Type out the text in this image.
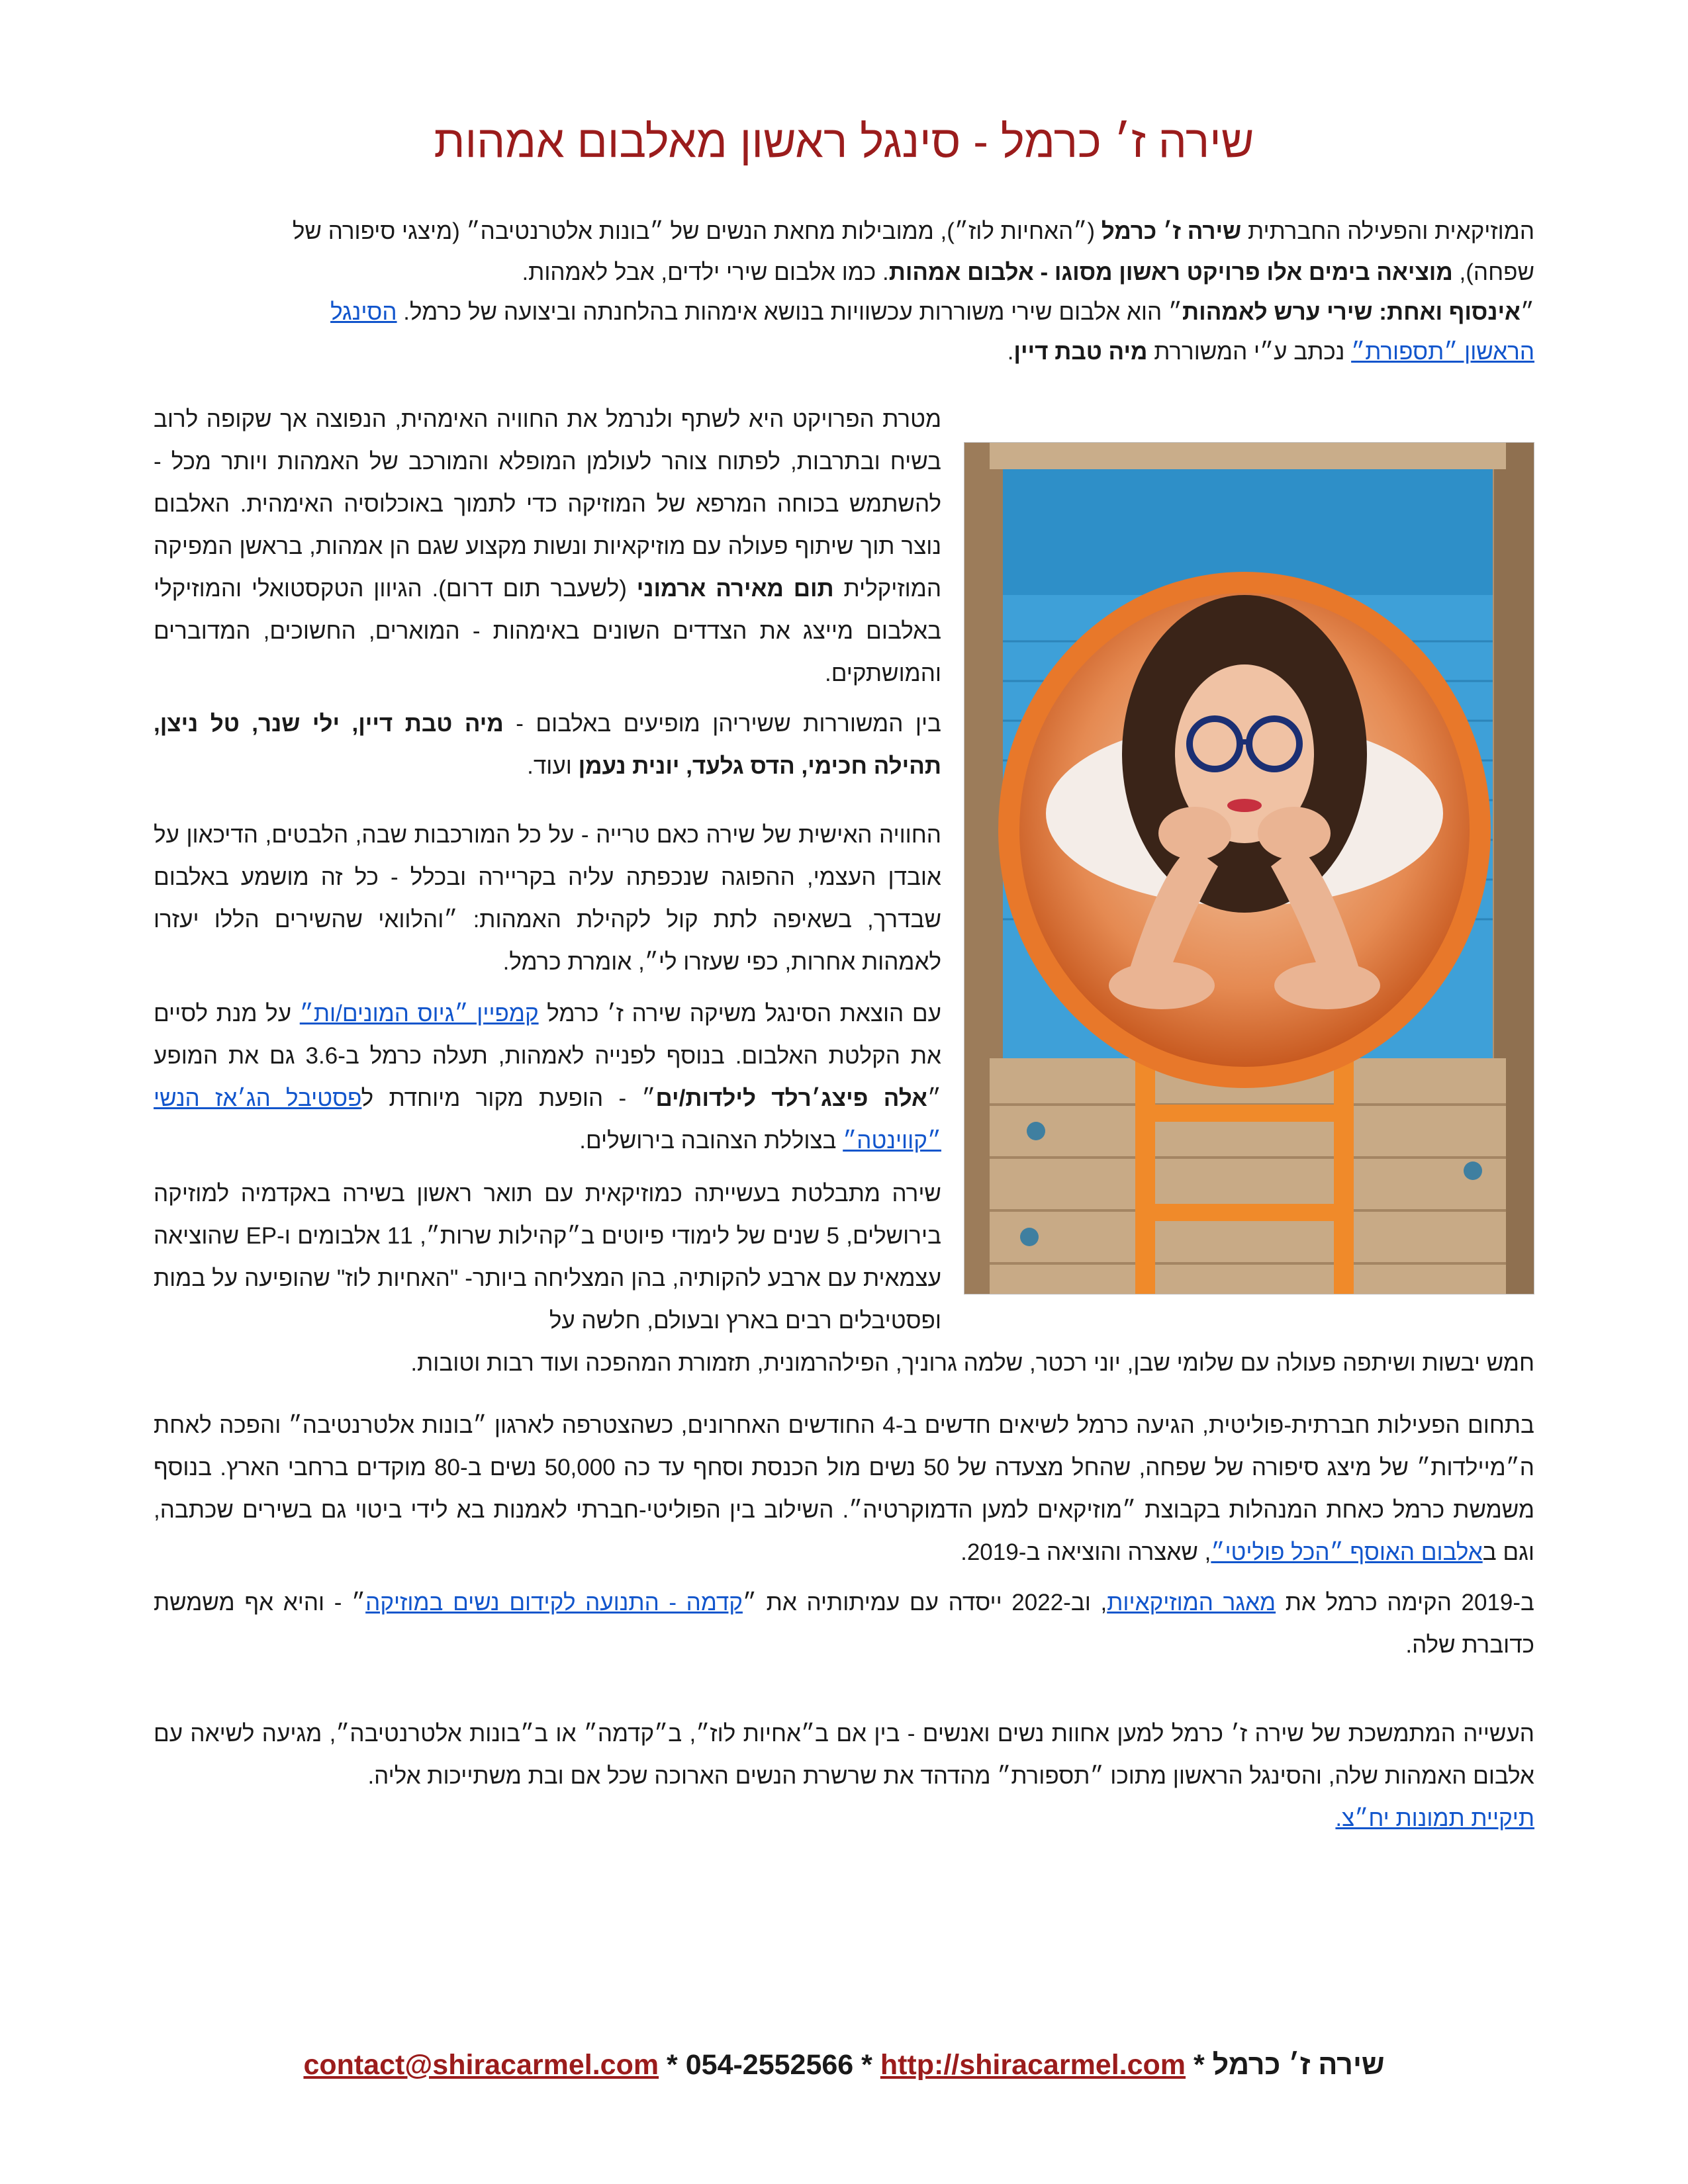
שירה ז׳ כרמל - סינגל ראשון מאלבום אמהות

המוזיקאית והפעילה החברתית שירה ז׳ כרמל (״האחיות לוז״), ממובילות מחאת הנשים של ״בונות אלטרנטיבה״ (מיצגי סיפורה של

שפחה), מוציאה בימים אלו פרויקט ראשון מסוגו - אלבום אמהות. כמו אלבום שירי ילדים, אבל לאמהות.

״אינסוף ואחת: שירי ערש לאמהות״ הוא אלבום שירי משוררות עכשוויות בנושא אימהות בהלחנתה וביצועה של כרמל. הסינגל

הראשון ״תספורת״ נכתב ע״י המשוררת מיה טבת דיין.

מטרת הפרויקט היא לשתף ולנרמל את החוויה האימהית, הנפוצה אך שקופה לרוב בשיח ובתרבות, לפתוח צוהר לעולמן המופלא והמורכב של האמהות ויותר מכל - להשתמש בכוחה המרפא של המוזיקה כדי לתמוך באוכלוסיה האימהית. האלבום נוצר תוך שיתוף פעולה עם מוזיקאיות ונשות מקצוע שגם הן אמהות, בראשן המפיקה המוזיקלית תום מאירה ארמוני (לשעבר תום דרום). הגיוון הטקסטואלי והמוזיקלי באלבום מייצג את הצדדים השונים באימהות - המוארים, החשוכים, המדוברים והמושתקים.

בין המשוררות ששיריהן מופיעים באלבום - מיה טבת דיין, ילי שנר, טל ניצן, תהילה חכימי, הדס גלעד, יונית נעמן ועוד.

החוויה האישית של שירה כאם טרייה - על כל המורכבות שבה, הלבטים, הדיכאון על אובדן העצמי, ההפוגה שנכפתה עליה בקריירה ובכלל - כל זה מושמע באלבום שבדרך, בשאיפה לתת קול לקהילת האמהות: ״והלוואי שהשירים הללו יעזרו לאמהות אחרות, כפי שעזרו לי״, אומרת כרמל.

עם הוצאת הסינגל משיקה שירה ז׳ כרמל קמפיין ״גיוס המונים/ות״ על מנת לסיים את הקלטת האלבום. בנוסף לפנייה לאמהות, תעלה כרמל ב-3.6 גם את המופע ״אלה פיצג׳רלד לילדות/ים״ - הופעת מקור מיוחדת לפסטיבל הג׳אז הנשי ״קווינטה״ בצוללת הצהובה בירושלים.

שירה מתבלטת בעשייתה כמוזיקאית עם תואר ראשון בשירה באקדמיה למוזיקה בירושלים, 5 שנים של לימודי פיוטים ב״קהילות שרות״, 11 אלבומים ו-EP שהוציאה עצמאית עם ארבע להקותיה, בהן המצליחה ביותר- "האחיות לוז" שהופיעה על במות ופסטיבלים רבים בארץ ובעולם, חלשה על

חמש יבשות ושיתפה פעולה עם שלומי שבן, יוני רכטר, שלמה גרוניך, הפילהרמונית, תזמורת המהפכה ועוד רבות וטובות.

בתחום הפעילות חברתית-פוליטית, הגיעה כרמל לשיאים חדשים ב-4 החודשים האחרונים, כשהצטרפה לארגון ״בונות אלטרנטיבה״ והפכה לאחת ה״מיילדות״ של מיצג סיפורה של שפחה, שהחל מצעדה של 50 נשים מול הכנסת וסחף עד כה 50,000 נשים ב-80 מוקדים ברחבי הארץ. בנוסף משמשת כרמל כאחת המנהלות בקבוצת ״מוזיקאים למען הדמוקרטיה״. השילוב בין הפוליטי-חברתי לאמנות בא לידי ביטוי גם בשירים שכתבה, וגם באלבום האוסף ״הכל פוליטי״, שאצרה והוציאה ב-2019.

ב-2019 הקימה כרמל את מאגר המוזיקאיות, וב-2022 ייסדה עם עמיתותיה את ״קדמה - התנועה לקידום נשים במוזיקה״ - והיא אף משמשת כדוברת שלה.

העשייה המתמשכת של שירה ז׳ כרמל למען אחוות נשים ואנשים - בין אם ב״אחיות לוז״, ב״קדמה״ או ב״בונות אלטרנטיבה״, מגיעה לשיאה עם אלבום האמהות שלה, והסינגל הראשון מתוכו ״תספורת״ מהדהד את שרשרת הנשים הארוכה שכל אם ובת משתייכות אליה.
תיקיית תמונות יח״צ.

שירה ז׳ כרמל * contact@shiracarmel.com * 054-2552566 * http://shiracarmel.com
